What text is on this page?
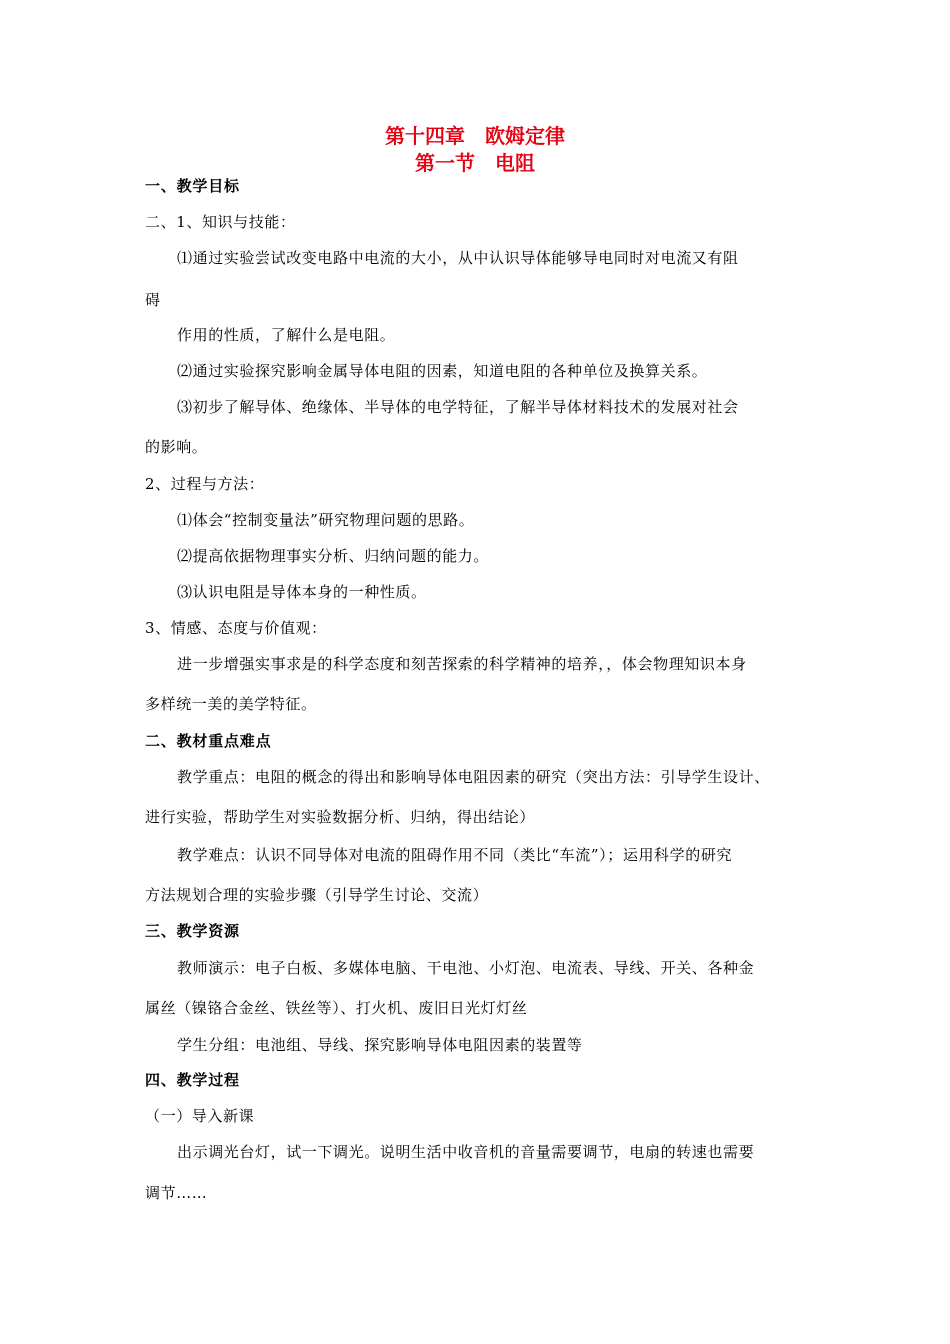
第十四章　欧姆定律
第一节　电阻
一、教学目标
二、1、知识与技能：
⑴通过实验尝试改变电路中电流的大小，从中认识导体能够导电同时对电流又有阻
碍
作用的性质，了解什么是电阻。
⑵通过实验探究影响金属导体电阻的因素，知道电阻的各种单位及换算关系。
⑶初步了解导体、绝缘体、半导体的电学特征，了解半导体材料技术的发展对社会
的影响。
2、过程与方法：
⑴体会“控制变量法”研究物理问题的思路。
⑵提高依据物理事实分析、归纳问题的能力。
⑶认识电阻是导体本身的一种性质。
3、情感、态度与价值观：
进一步增强实事求是的科学态度和刻苦探索的科学精神的培养，，体会物理知识本身
多样统一美的美学特征。
二、教材重点难点
教学重点：电阻的概念的得出和影响导体电阻因素的研究（突出方法：引导学生设计、
进行实验，帮助学生对实验数据分析、归纳，得出结论）
教学难点：认识不同导体对电流的阻碍作用不同（类比“车流”）；运用科学的研究
方法规划合理的实验步骤（引导学生讨论、交流）
三、教学资源
教师演示：电子白板、多媒体电脑、干电池、小灯泡、电流表、导线、开关、各种金
属丝（镍铬合金丝、铁丝等）、打火机、废旧日光灯灯丝
学生分组：电池组、导线、探究影响导体电阻因素的装置等
四、教学过程
（一）导入新课
出示调光台灯，试一下调光。说明生活中收音机的音量需要调节，电扇的转速也需要
调节……
